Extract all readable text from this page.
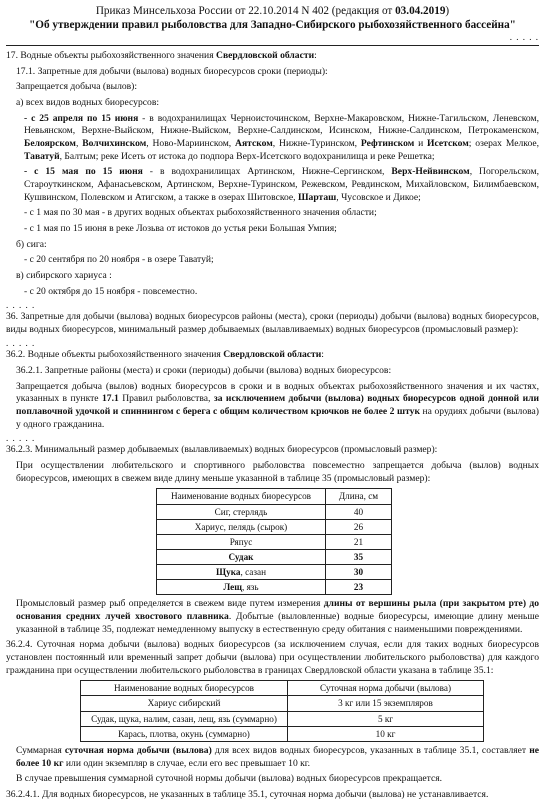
Приказ Минсельхоза России от 22.10.2014 N 402 (редакция от 03.04.2019)
"Об утверждении правил рыболовства для Западно-Сибирского рыбохозяйственного бассейна"
. . . . .

17. Водные объекты рыбохозяйственного значения Свердловской области:

17.1. Запретные для добычи (вылова) водных биоресурсов сроки (периоды):

Запрещается добыча (вылов):

а) всех видов водных биоресурсов:

- с 25 апреля по 15 июня - в водохранилищах Черноисточинском, Верхне-Макаровском, Нижне-Тагильском, Леневском, Невьянском, Верхне-Выйском, Нижне-Выйском, Верхне-Салдинском, Исинском, Нижне-Салдинском, Петрокаменском, Белоярском, Волчихинском, Ново-Мариинском, Аятском, Нижне-Туринском, Рефтинском и Исетском; озерах Мелкое, Таватуй, Балтым; реке Исеть от истока до подпора Верх-Исетского водохранилища и реке Решетка;

- с 15 мая по 15 июня - в водохранилищах Артинском, Нижне-Сергинском, Верх-Нейвинском, Погорельском, Староуткинском, Афанасьевском, Артинском, Верхне-Туринском, Режевском, Ревдинском, Михайловском, Билимбаевском, Кушвинском, Полевском и Атигском, а также в озерах Шитовское, Шарташ, Чусовское и Дикое;

- с 1 мая по 30 мая - в других водных объектах рыбохозяйственного значения области;

- с 1 мая по 15 июня в реке Лозьва от истоков до устья реки Большая Умпия;

б) сига:

- с 20 сентября по 20 ноября - в озере Таватуй;

в) сибирского хариуса :

- с 20 октября до 15 ноября - повсеместно.

. . . . .

36. Запретные для добычи (вылова) водных биоресурсов районы (места), сроки (периоды) добычи (вылова) водных биоресурсов, виды водных биоресурсов, минимальный размер добываемых (вылавливаемых) водных биоресурсов (промысловый размер):

. . . . .

36.2. Водные объекты рыбохозяйственного значения Свердловской области:

36.2.1. Запретные районы (места) и сроки (периоды) добычи (вылова) водных биоресурсов:

Запрещается добыча (вылов) водных биоресурсов в сроки и в водных объектах рыбохозяйственного значения и их частях, указанных в пункте 17.1 Правил рыболовства, за исключением добычи (вылова) водных биоресурсов одной донной или поплавочной удочкой и спиннингом с берега с общим количеством крючков не более 2 штук на орудиях добычи (вылова) у одного гражданина.

. . . . .

36.2.3. Минимальный размер добываемых (вылавливаемых) водных биоресурсов (промысловый размер):

При осуществлении любительского и спортивного рыболовства повсеместно запрещается добыча (вылов) водных биоресурсов, имеющих в свежем виде длину меньше указанной в таблице 35 (промысловый размер):

Наименование водных биоресурсов	Длина, см
Сиг, стерлядь	40
Хариус, пелядь (сырок)	26
Ряпус	21
Судак	35
Щука, сазан	30
Лещ, язь	23

Промысловый размер рыб определяется в свежем виде путем измерения длины от вершины рыла (при закрытом рте) до основания средних лучей хвостового плавника. Добытые (выловленные) водные биоресурсы, имеющие длину меньше указанной в таблице 35, подлежат немедленному выпуску в естественную среду обитания с наименьшими повреждениями.

36.2.4. Суточная норма добычи (вылова) водных биоресурсов (за исключением случая, если для таких водных биоресурсов установлен постоянный или временный запрет добычи (вылова) при осуществлении любительского рыболовства) для каждого гражданина при осуществлении любительского рыболовства в границах Свердловской области указана в таблице 35.1:

Наименование водных биоресурсов	Суточная норма добычи (вылова)
Хариус сибирский	3 кг или 15 экземпляров
Судак, щука, налим, сазан, лещ, язь (суммарно)	5 кг
Карась, плотва, окунь (суммарно)	10 кг

Суммарная суточная норма добычи (вылова) для всех видов водных биоресурсов, указанных в таблице 35.1, составляет не более 10 кг или один экземпляр в случае, если его вес превышает 10 кг.

В случае превышения суммарной суточной нормы добычи (вылова) водных биоресурсов прекращается.

36.2.4.1. Для водных биоресурсов, не указанных в таблице 35.1, суточная норма добычи (вылова) не устанавливается.
